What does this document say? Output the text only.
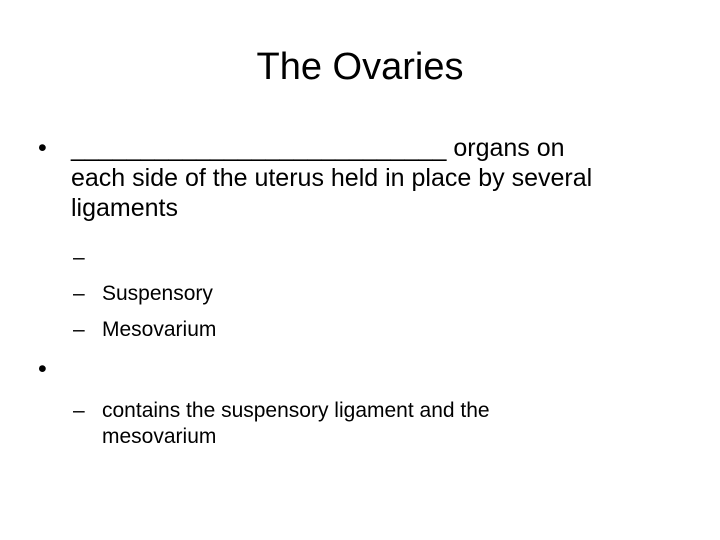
The Ovaries
• ___________________________ organs on
each side of the uterus held in place by several
ligaments
–
– Suspensory
– Mesovarium
•
– contains the suspensory ligament and the mesovarium
